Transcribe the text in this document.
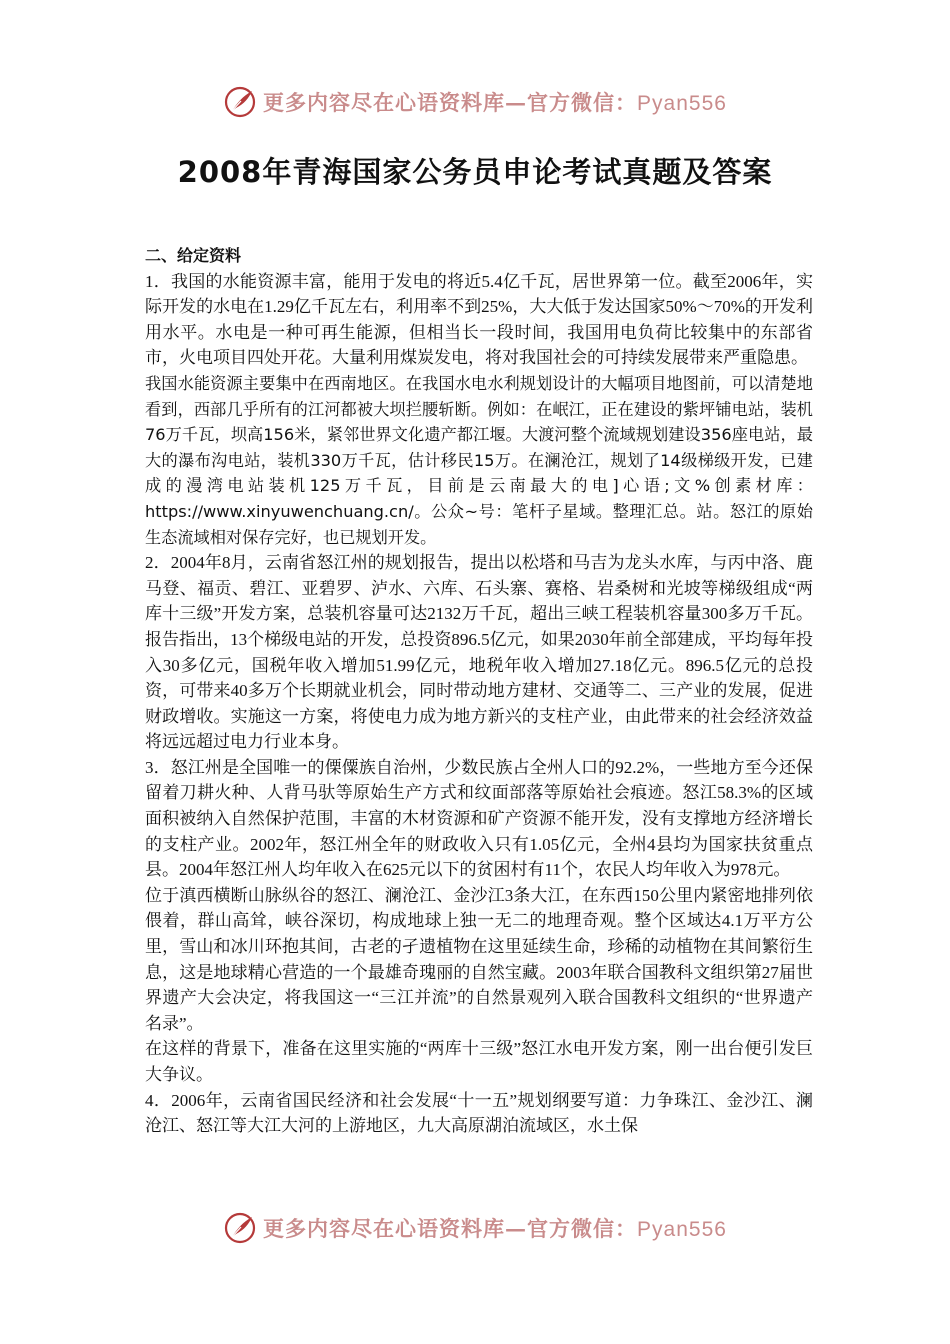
更多内容尽在心语资料库—官方微信：Pyan556
2008年青海国家公务员申论考试真题及答案

二、给定资料

1．我国的水能资源丰富，能用于发电的将近5.4亿千瓦，居世界第一位。截至2006年，实际开发的水电在1.29亿千瓦左右，利用率不到25%，大大低于发达国家50%～70%的开发利用水平。水电是一种可再生能源，但相当长一段时间，我国用电负荷比较集中的东部省市，火电项目四处开花。大量利用煤炭发电，将对我国社会的可持续发展带来严重隐患。

我国水能资源主要集中在西南地区。在我国水电水利规划设计的大幅项目地图前，可以清楚地看到，西部几乎所有的江河都被大坝拦腰斩断。例如：在岷江，正在建设的紫坪铺电站，装机76万千瓦，坝高156米，紧邻世界文化遗产都江堰。大渡河整个流域规划建设356座电站，最大的瀑布沟电站，装机330万千瓦，估计移民15万。在澜沧江，规划了14级梯级开发，已建成的漫湾电站装机125万千瓦，目前是云南最大的电]心语;文%创素材库：https://www.xinyuwenchuang.cn/。公众~号：笔杆子星域。整理汇总。站。怒江的原始生态流域相对保存完好，也已规划开发。

2．2004年8月，云南省怒江州的规划报告，提出以松塔和马吉为龙头水库，与丙中洛、鹿马登、福贡、碧江、亚碧罗、泸水、六库、石头寨、赛格、岩桑树和光坡等梯级组成“两库十三级”开发方案，总装机容量可达2132万千瓦，超出三峡工程装机容量300多万千瓦。报告指出，13个梯级电站的开发，总投资896.5亿元，如果2030年前全部建成，平均每年投入30多亿元，国税年收入增加51.99亿元，地税年收入增加27.18亿元。896.5亿元的总投资，可带来40多万个长期就业机会，同时带动地方建材、交通等二、三产业的发展，促进财政增收。实施这一方案，将使电力成为地方新兴的支柱产业，由此带来的社会经济效益将远远超过电力行业本身。

3．怒江州是全国唯一的傈僳族自治州，少数民族占全州人口的92.2%，一些地方至今还保留着刀耕火种、人背马驮等原始生产方式和纹面部落等原始社会痕迹。怒江58.3%的区域面积被纳入自然保护范围，丰富的木材资源和矿产资源不能开发，没有支撑地方经济增长的支柱产业。2002年，怒江州全年的财政收入只有1.05亿元，全州4县均为国家扶贫重点县。2004年怒江州人均年收入在625元以下的贫困村有11个，农民人均年收入为978元。

位于滇西横断山脉纵谷的怒江、澜沧江、金沙江3条大江，在东西150公里内紧密地排列依偎着，群山高耸，峡谷深切，构成地球上独一无二的地理奇观。整个区域达4.1万平方公里，雪山和冰川环抱其间，古老的孑遗植物在这里延续生命，珍稀的动植物在其间繁衍生息，这是地球精心营造的一个最雄奇瑰丽的自然宝藏。2003年联合国教科文组织第27届世界遗产大会决定，将我国这一“三江并流”的自然景观列入联合国教科文组织的“世界遗产名录”。

在这样的背景下，准备在这里实施的“两库十三级”怒江水电开发方案，刚一出台便引发巨大争议。

4．2006年，云南省国民经济和社会发展“十一五”规划纲要写道：力争珠江、金沙江、澜沧江、怒江等大江大河的上游地区，九大高原湖泊流域区，水土保

更多内容尽在心语资料库—官方微信：Pyan556
